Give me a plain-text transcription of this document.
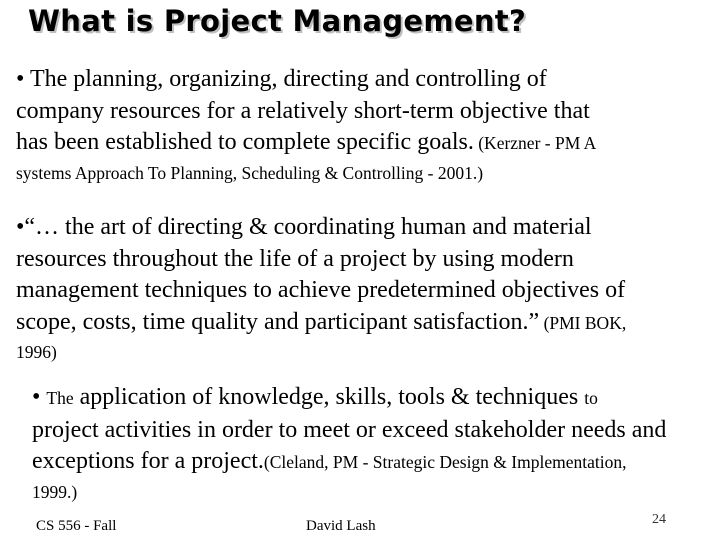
What is Project Management?
• The planning, organizing, directing and controlling of
company resources for a relatively short-term objective that
has been established to complete specific goals. (Kerzner - PM A
systems Approach To Planning, Scheduling & Controlling - 2001.)
•“… the art of directing & coordinating human and material
resources throughout the life of a project by using modern
management techniques to achieve predetermined objectives of
scope, costs, time quality and participant satisfaction.” (PMI BOK,
1996)
• The application of knowledge, skills, tools & techniques to
project activities in order to meet or exceed stakeholder needs and
exceptions for a project.(Cleland, PM - Strategic Design & Implementation,
1999.)
CS 556 - Fall	David Lash	24
